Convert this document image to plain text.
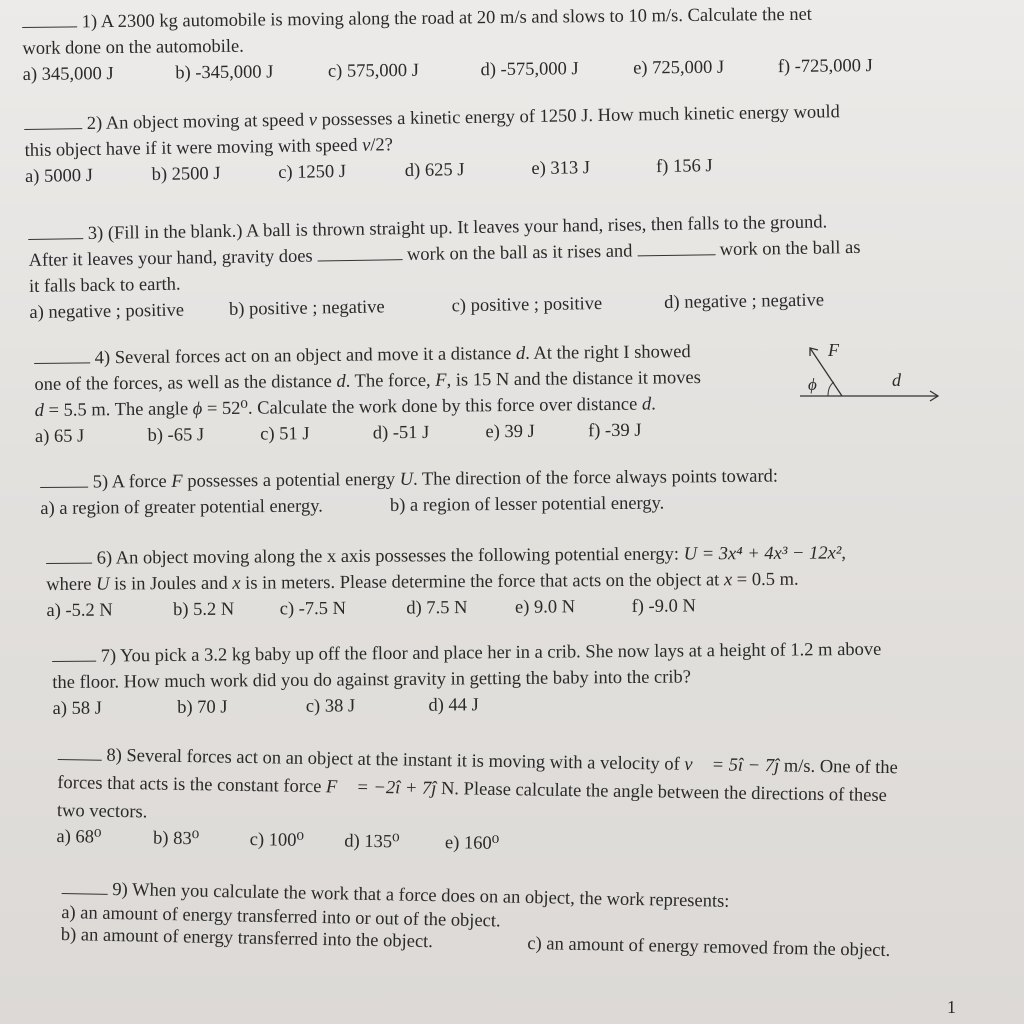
1) A 2300 kg automobile is moving along the road at 20 m/s and slows to 10 m/s. Calculate the net
work done on the automobile.
a) 345,000 J	b) -345,000 J	c) 575,000 J	d) -575,000 J	e) 725,000 J	f) -725,000 J
2) An object moving at speed v possesses a kinetic energy of 1250 J. How much kinetic energy would
this object have if it were moving with speed v/2?
a) 5000 J	b) 2500 J	c) 1250 J	d) 625 J	e) 313 J	f) 156 J
3) (Fill in the blank.) A ball is thrown straight up. It leaves your hand, rises, then falls to the ground.
After it leaves your hand, gravity does	work on the ball as it rises and	work on the ball as
it falls back to earth.
a) negative ; positive b) positive ; negative	c) positive ; positive	d) negative ; negative
4) Several forces act on an object and move it a distance d. At the right I showed
one of the forces, as well as the distance d. The force, F, is 15 N and the distance it moves
d = 5.5 m. The angle ϕ = 52⁰. Calculate the work done by this force over distance d.
a) 65 J	b) -65 J	c) 51 J	d) -51 J	e) 39 J	f) -39 J
F
ϕ	d
5) A force F possesses a potential energy U. The direction of the force always points toward:
a) a region of greater potential energy.	b) a region of lesser potential energy.
6) An object moving along the x axis possesses the following potential energy: U = 3x⁴ + 4x³ − 12x²,
where U is in Joules and x is in meters. Please determine the force that acts on the object at x = 0.5 m.
a) -5.2 N	b) 5.2 N c) -7.5 N	d) 7.5 N	e) 9.0 N	f) -9.0 N
7) You pick a 3.2 kg baby up off the floor and place her in a crib. She now lays at a height of 1.2 m above
the floor. How much work did you do against gravity in getting the baby into the crib?
a) 58 J	b) 70 J	c) 38 J	d) 44 J
8) Several forces act on an object at the instant it is moving with a velocity of v⃗ = 5î − 7ĵ m/s. One of the
forces that acts is the constant force F⃗ = −2î + 7ĵ N. Please calculate the angle between the directions of these
two vectors.
a) 68⁰	b) 83⁰	c) 100⁰ d) 135⁰ e) 160⁰
9) When you calculate the work that a force does on an object, the work represents:
a) an amount of energy transferred into or out of the object.
b) an amount of energy transferred into the object.	c) an amount of energy removed from the object.
1
